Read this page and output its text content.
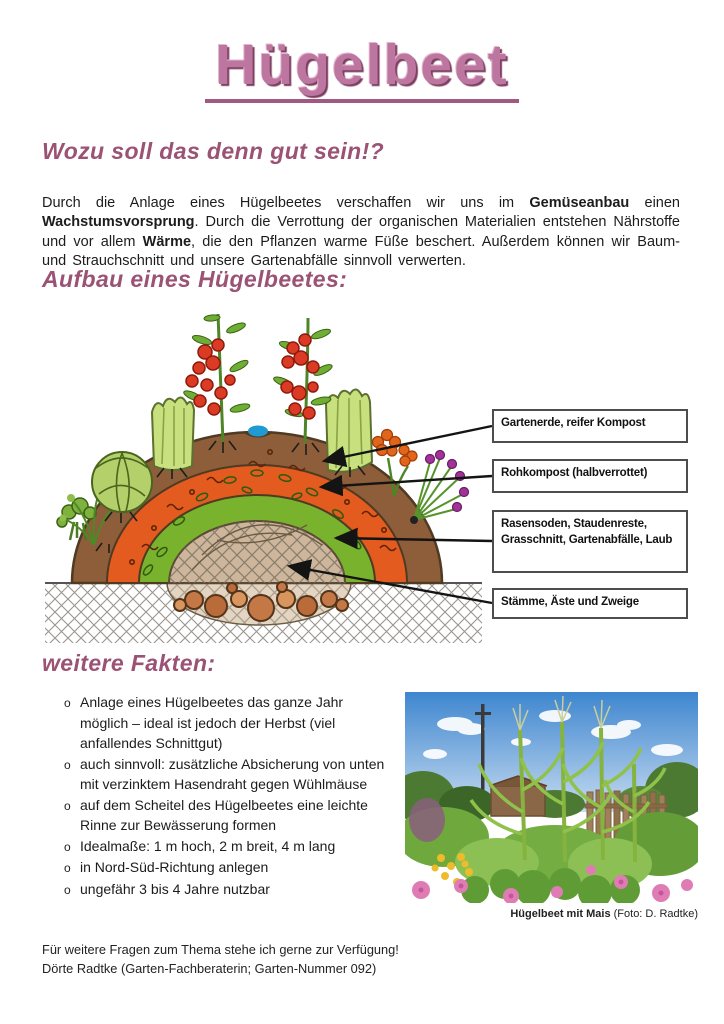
Hügelbeet
Wozu soll das denn gut sein!?

Durch die Anlage eines Hügelbeetes verschaffen wir uns im Gemüseanbau einen Wachstumsvorsprung. Durch die Verrottung der organischen Materialien entstehen Nährstoffe und vor allem Wärme, die den Pflanzen warme Füße beschert. Außerdem können wir Baum- und Strauchschnitt und unsere Gartenabfälle sinnvoll verwerten.

Aufbau eines Hügelbeetes:
Gartenerde, reifer Kompost
Rohkompost (halbverrottet)
Rasensoden, Staudenreste, Grasschnitt, Gartenabfälle, Laub
Stämme, Äste und Zweige
weitere Fakten:
o Anlage eines Hügelbeetes das ganze Jahr möglich – ideal ist jedoch der Herbst (viel anfallendes Schnittgut)
o auch sinnvoll: zusätzliche Absicherung von unten mit verzinktem Hasendraht gegen Wühlmäuse
o auf dem Scheitel des Hügelbeetes eine leichte Rinne zur Bewässerung formen
o Idealmaße: 1 m hoch, 2 m breit, 4 m lang
o in Nord-Süd-Richtung anlegen
o ungefähr 3 bis 4 Jahre nutzbar
Hügelbeet mit Mais (Foto: D. Radtke)
Für weitere Fragen zum Thema stehe ich gerne zur Verfügung!
Dörte Radtke (Garten-Fachberaterin; Garten-Nummer 092)
